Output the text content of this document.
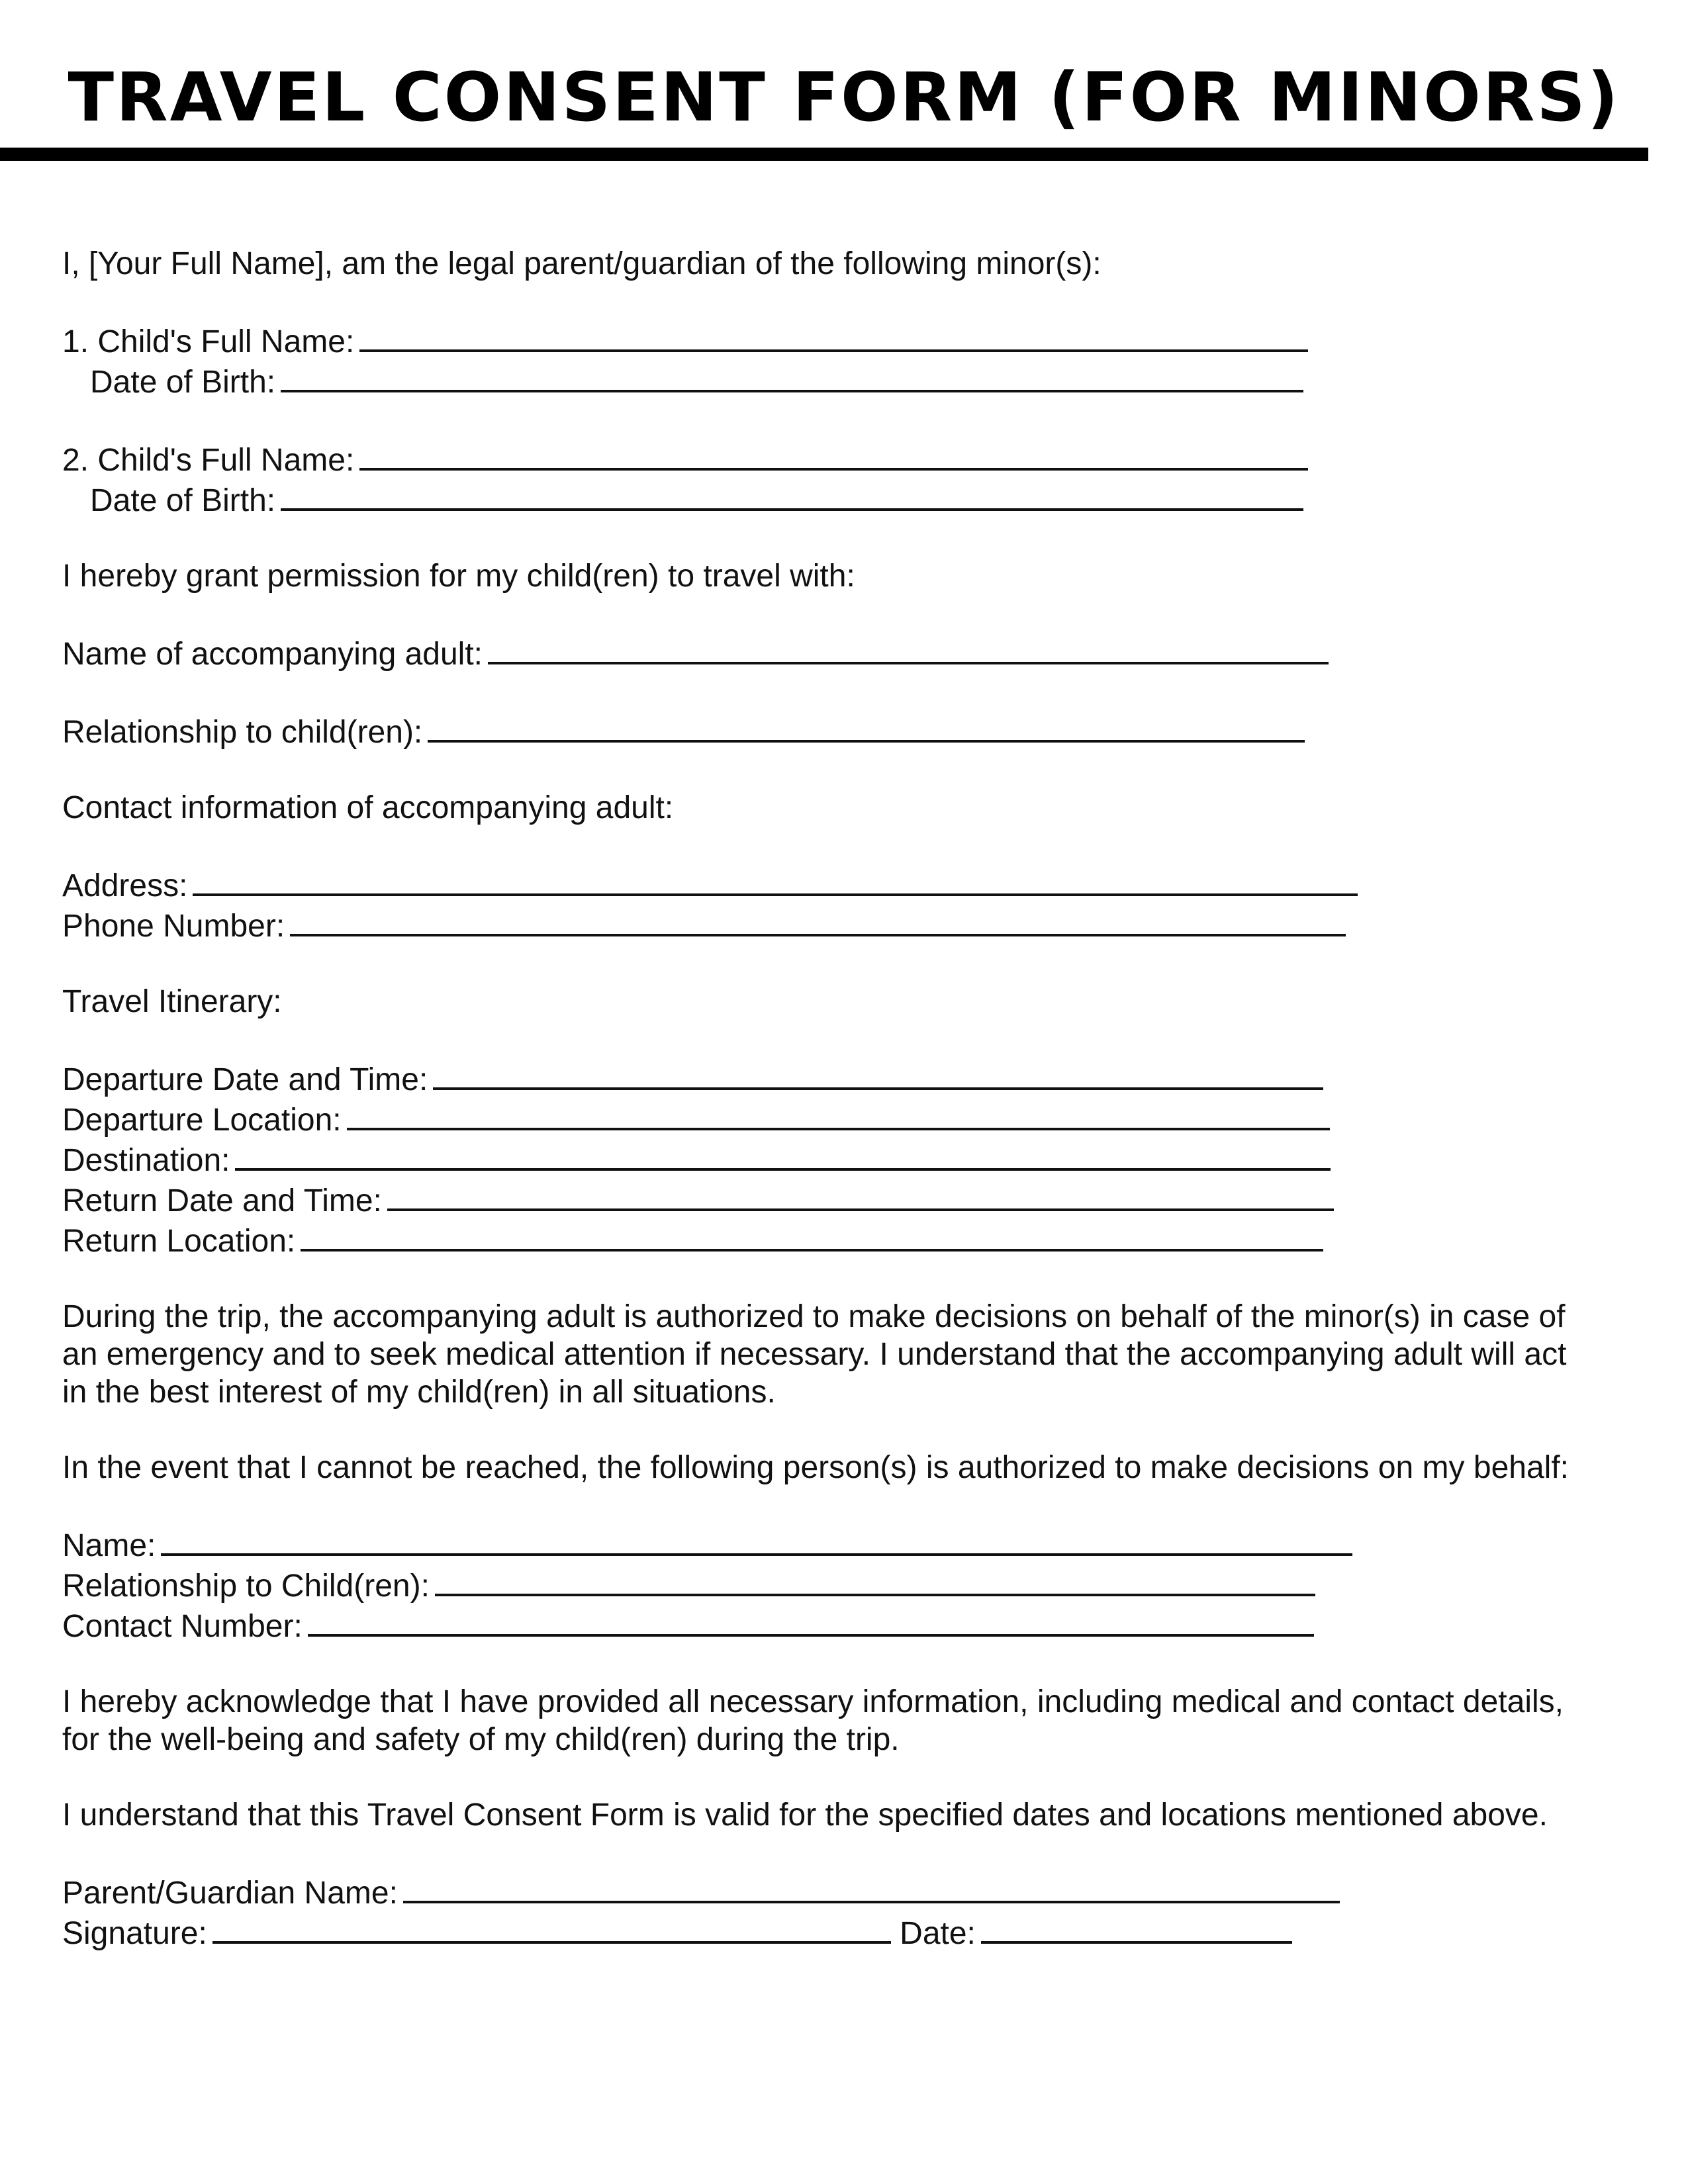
TRAVEL CONSENT FORM (FOR MINORS)

I, [Your Full Name], am the legal parent/guardian of the following minor(s):

1. Child's Full Name:
Date of Birth:
2. Child's Full Name:
Date of Birth:

I hereby grant permission for my child(ren) to travel with:

Name of accompanying adult:
Relationship to child(ren):

Contact information of accompanying adult:

Address:
Phone Number:

Travel Itinerary:

Departure Date and Time:
Departure Location:
Destination:
Return Date and Time:
Return Location:

During the trip, the accompanying adult is authorized to make decisions on behalf of the minor(s) in case of an emergency and to seek medical attention if necessary. I understand that the accompanying adult will act in the best interest of my child(ren) in all situations.

In the event that I cannot be reached, the following person(s) is authorized to make decisions on my behalf:

Name:
Relationship to Child(ren):
Contact Number:

I hereby acknowledge that I have provided all necessary information, including medical and contact details, for the well-being and safety of my child(ren) during the trip.

I understand that this Travel Consent Form is valid for the specified dates and locations mentioned above.

Parent/Guardian Name:
Signature:	Date:
